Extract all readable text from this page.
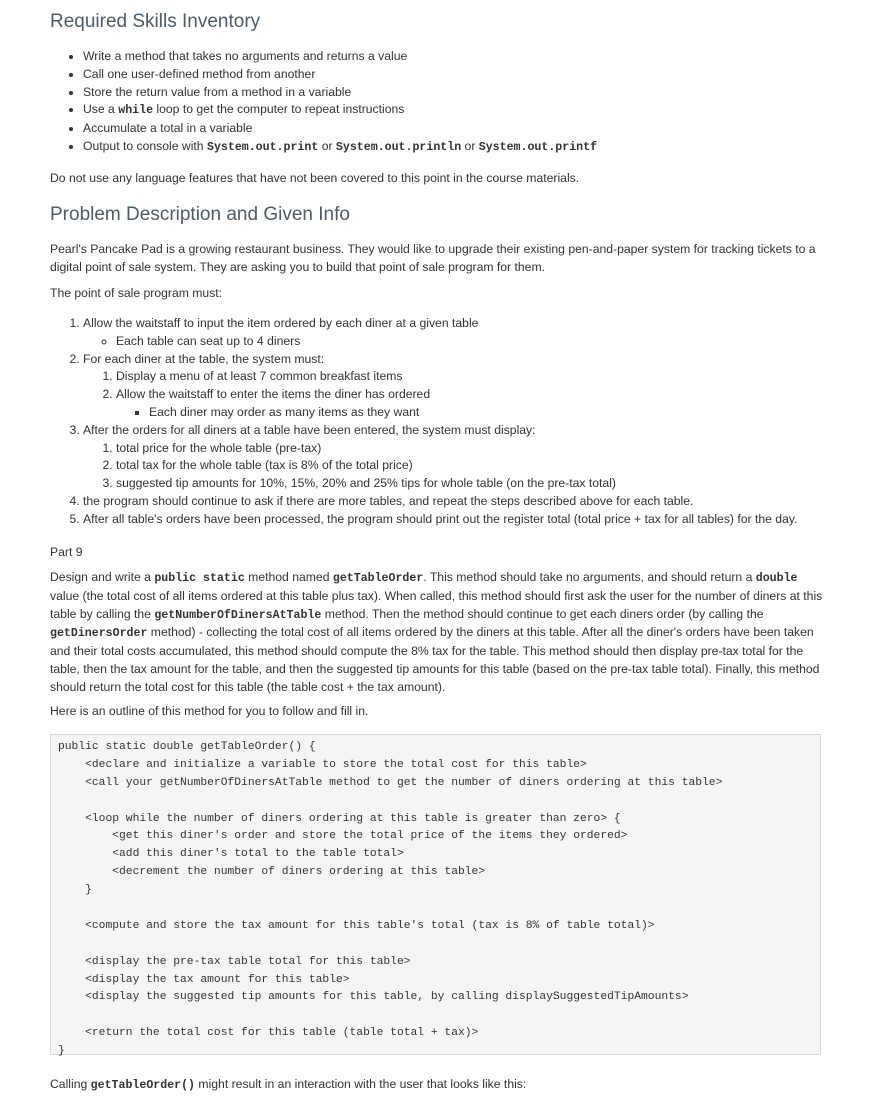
Required Skills Inventory
• Write a method that takes no arguments and returns a value
• Call one user-defined method from another
• Store the return value from a method in a variable
• Use a while loop to get the computer to repeat instructions
• Accumulate a total in a variable
• Output to console with System.out.print or System.out.println or System.out.printf

Do not use any language features that have not been covered to this point in the course materials.

Problem Description and Given Info

Pearl's Pancake Pad is a growing restaurant business. They would like to upgrade their existing pen-and-paper system for tracking tickets to a digital point of sale system. They are asking you to build that point of sale program for them.

The point of sale program must:

1. Allow the waitstaff to input the item ordered by each diner at a given table
◦ Each table can seat up to 4 diners
2. For each diner at the table, the system must:
1. Display a menu of at least 7 common breakfast items
2. Allow the waitstaff to enter the items the diner has ordered
▪ Each diner may order as many items as they want
3. After the orders for all diners at a table have been entered, the system must display:
1. total price for the whole table (pre-tax)
2. total tax for the whole table (tax is 8% of the total price)
3. suggested tip amounts for 10%, 15%, 20% and 25% tips for whole table (on the pre-tax total)
4. the program should continue to ask if there are more tables, and repeat the steps described above for each table.
5. After all table's orders have been processed, the program should print out the register total (total price + tax for all tables) for the day.

Part 9

Design and write a public static method named getTableOrder. This method should take no arguments, and should return a double value (the total cost of all items ordered at this table plus tax). When called, this method should first ask the user for the number of diners at this table by calling the getNumberOfDinersAtTable method. Then the method should continue to get each diners order (by calling the getDinersOrder method) - collecting the total cost of all items ordered by the diners at this table. After all the diner's orders have been taken and their total costs accumulated, this method should compute the 8% tax for the table. This method should then display pre-tax total for the table, then the tax amount for the table, and then the suggested tip amounts for this table (based on the pre-tax table total). Finally, this method should return the total cost for this table (the table cost + the tax amount).

Here is an outline of this method for you to follow and fill in.

public static double getTableOrder() {
<declare and initialize a variable to store the total cost for this table>
<call your getNumberOfDinersAtTable method to get the number of diners ordering at this table>
<loop while the number of diners ordering at this table is greater than zero> {
<get this diner's order and store the total price of the items they ordered>
<add this diner's total to the table total>
<decrement the number of diners ordering at this table>
}
<compute and store the tax amount for this table's total (tax is 8% of table total)>
<display the pre-tax table total for this table>
<display the tax amount for this table>
<display the suggested tip amounts for this table, by calling displaySuggestedTipAmounts>
<return the total cost for this table (table total + tax)>
}

Calling getTableOrder() might result in an interaction with the user that looks like this:
